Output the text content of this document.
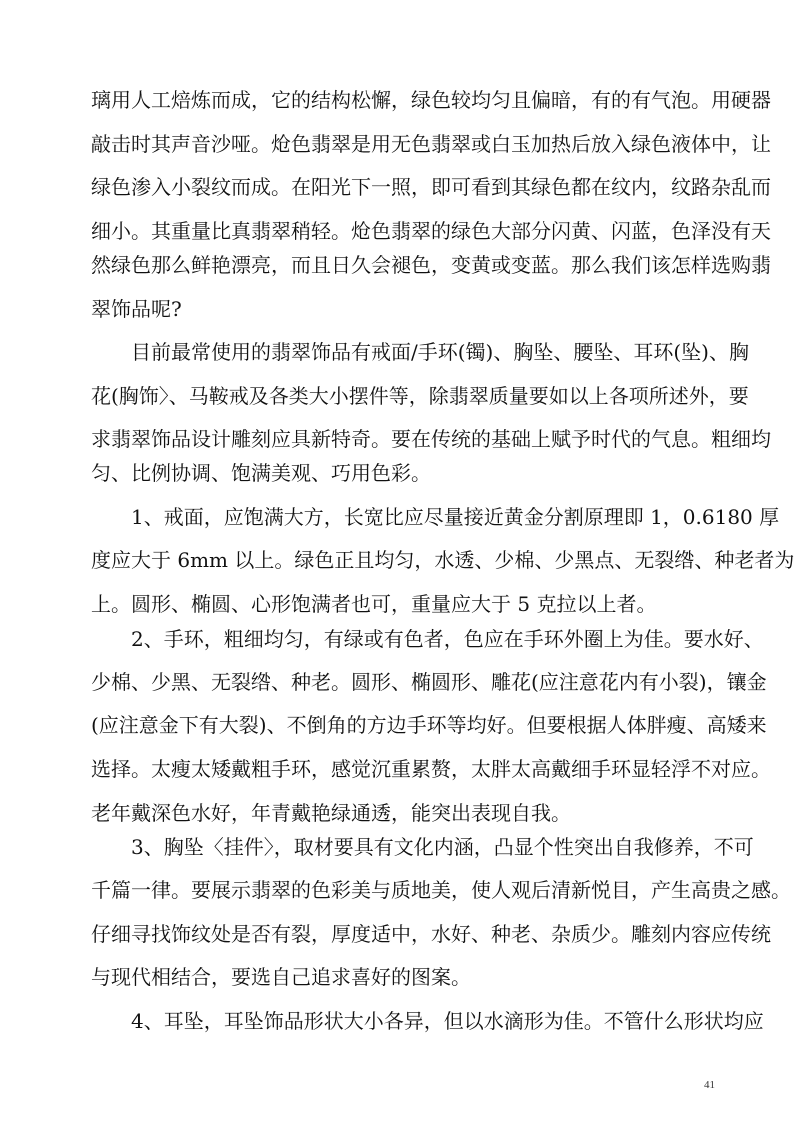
璃用人工焙炼而成，它的结构松懈，绿色较均匀且偏暗，有的有气泡。用硬器
敲击时其声音沙哑。炝色翡翠是用无色翡翠或白玉加热后放入绿色液体中，让
绿色渗入小裂纹而成。在阳光下一照，即可看到其绿色都在纹内，纹路杂乱而
细小。其重量比真翡翠稍轻。炝色翡翠的绿色大部分闪黄、闪蓝，色泽没有天
然绿色那么鲜艳漂亮，而且日久会褪色，变黄或变蓝。那么我们该怎样选购翡
翠饰品呢?
　　目前最常使用的翡翠饰品有戒面/手环(镯)、胸坠、腰坠、耳环(坠)、胸
花(胸饰〉、马鞍戒及各类大小摆件等，除翡翠质量要如以上各项所述外，要
求翡翠饰品设计雕刻应具新特奇。要在传统的基础上赋予时代的气息。粗细均
匀、比例协调、饱满美观、巧用色彩。
　　1、戒面，应饱满大方，长宽比应尽量接近黄金分割原理即 1，0.6180 厚
度应大于 6mm 以上。绿色正且均匀，水透、少棉、少黑点、无裂绺、种老者为
上。圆形、椭圆、心形饱满者也可，重量应大于 5 克拉以上者。
　　2、手环，粗细均匀，有绿或有色者，色应在手环外圈上为佳。要水好、
少棉、少黑、无裂绺、种老。圆形、椭圆形、雕花(应注意花内有小裂)，镶金
(应注意金下有大裂)、不倒角的方边手环等均好。但要根据人体胖瘦、高矮来
选择。太瘦太矮戴粗手环，感觉沉重累赘，太胖太高戴细手环显轻浮不对应。
老年戴深色水好，年青戴艳绿通透，能突出表现自我。
　　3、胸坠〈挂件〉，取材要具有文化内涵，凸显个性突出自我修养，不可
千篇一律。要展示翡翠的色彩美与质地美，使人观后清新悦目，产生高贵之感。
仔细寻找饰纹处是否有裂，厚度适中，水好、种老、杂质少。雕刻内容应传统
与现代相结合，要选自己追求喜好的图案。
　　4、耳坠，耳坠饰品形状大小各异，但以水滴形为佳。不管什么形状均应
41
